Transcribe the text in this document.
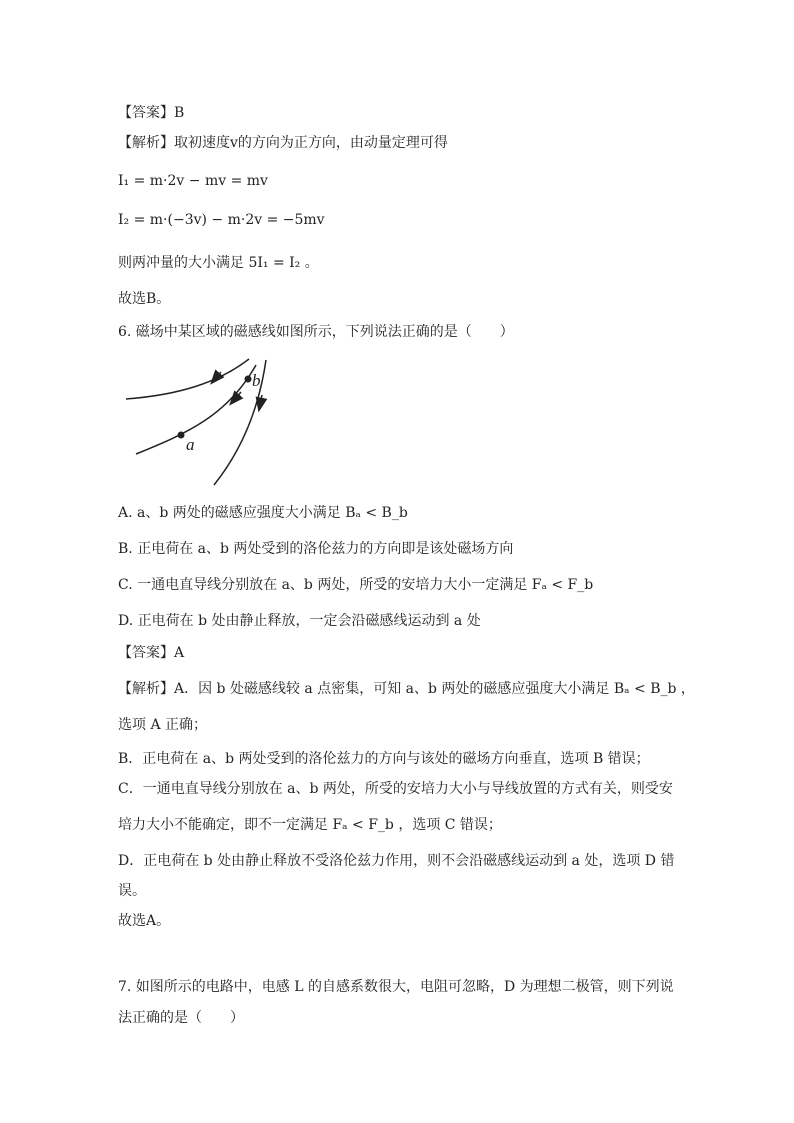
【答案】B
【解析】取初速度v的方向为正方向，由动量定理可得
I₁ = m·2v − mv = mv
I₂ = m·(−3v) − m·2v = −5mv
则两冲量的大小满足 5I₁ = I₂ 。
故选B。
6. 磁场中某区域的磁感线如图所示，下列说法正确的是（　　）
a
b
A. a、b 两处的磁感应强度大小满足 Bₐ < B_b
B. 正电荷在 a、b 两处受到的洛伦兹力的方向即是该处磁场方向
C. 一通电直导线分别放在 a、b 两处，所受的安培力大小一定满足 Fₐ < F_b
D. 正电荷在 b 处由静止释放，一定会沿磁感线运动到 a 处
【答案】A
【解析】A．因 b 处磁感线较 a 点密集，可知 a、b 两处的磁感应强度大小满足 Bₐ < B_b ，
选项 A 正确；
B．正电荷在 a、b 两处受到的洛伦兹力的方向与该处的磁场方向垂直，选项 B 错误；
C．一通电直导线分别放在 a、b 两处，所受的安培力大小与导线放置的方式有关，则受安
培力大小不能确定，即不一定满足 Fₐ < F_b ，选项 C 错误；
D．正电荷在 b 处由静止释放不受洛伦兹力作用，则不会沿磁感线运动到 a 处，选项 D 错
误。
故选A。
7. 如图所示的电路中，电感 L 的自感系数很大，电阻可忽略，D 为理想二极管，则下列说
法正确的是（　　）
